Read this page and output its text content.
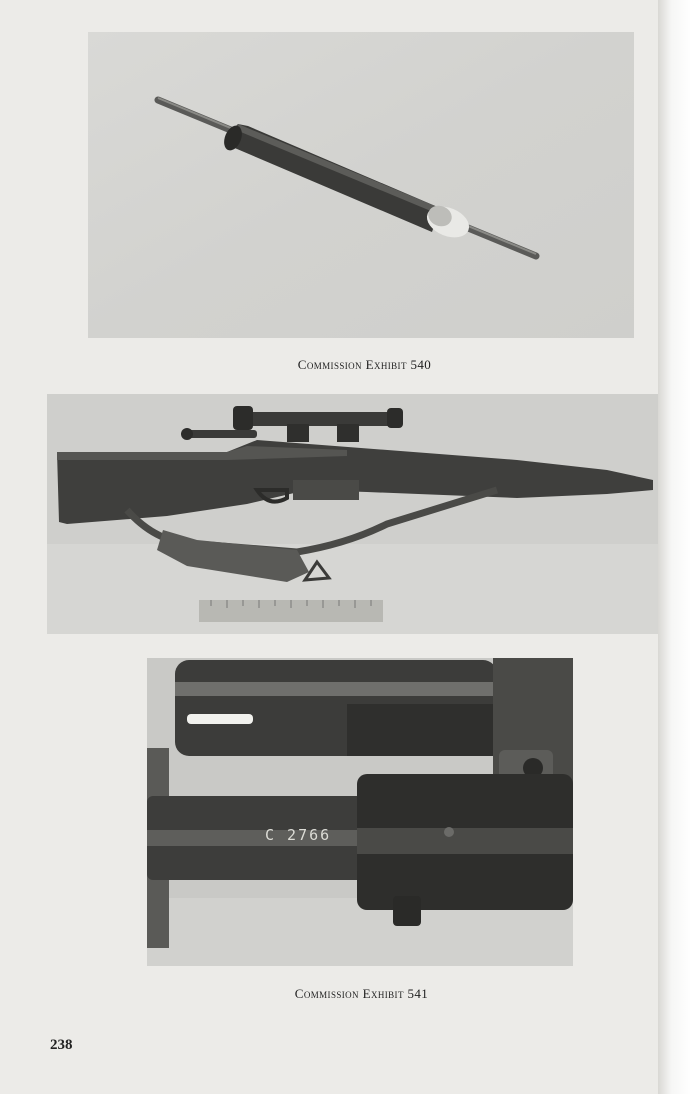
Commission Exhibit 540
C 2766
Commission Exhibit 541
238
